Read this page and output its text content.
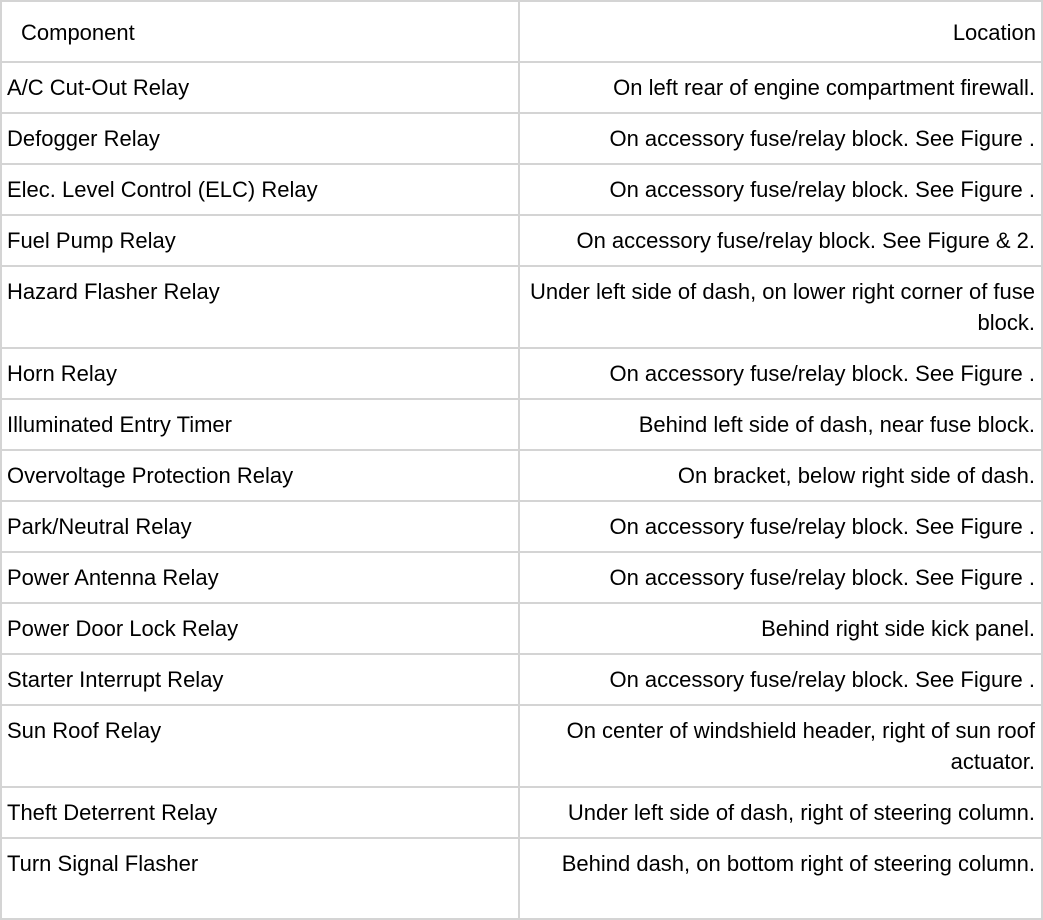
Component	Location
A/C Cut-Out Relay	On left rear of engine compartment firewall.
Defogger Relay	On accessory fuse/relay block. See Figure .
Elec. Level Control (ELC) Relay	On accessory fuse/relay block. See Figure .
Fuel Pump Relay	On accessory fuse/relay block. See Figure & 2.
Hazard Flasher Relay	Under left side of dash, on lower right corner of fuse block.
Horn Relay	On accessory fuse/relay block. See Figure .
Illuminated Entry Timer	Behind left side of dash, near fuse block.
Overvoltage Protection Relay	On bracket, below right side of dash.
Park/Neutral Relay	On accessory fuse/relay block. See Figure .
Power Antenna Relay	On accessory fuse/relay block. See Figure .
Power Door Lock Relay	Behind right side kick panel.
Starter Interrupt Relay	On accessory fuse/relay block. See Figure .
Sun Roof Relay	On center of windshield header, right of sun roof actuator.
Theft Deterrent Relay	Under left side of dash, right of steering column.
Turn Signal Flasher	Behind dash, on bottom right of steering column.
